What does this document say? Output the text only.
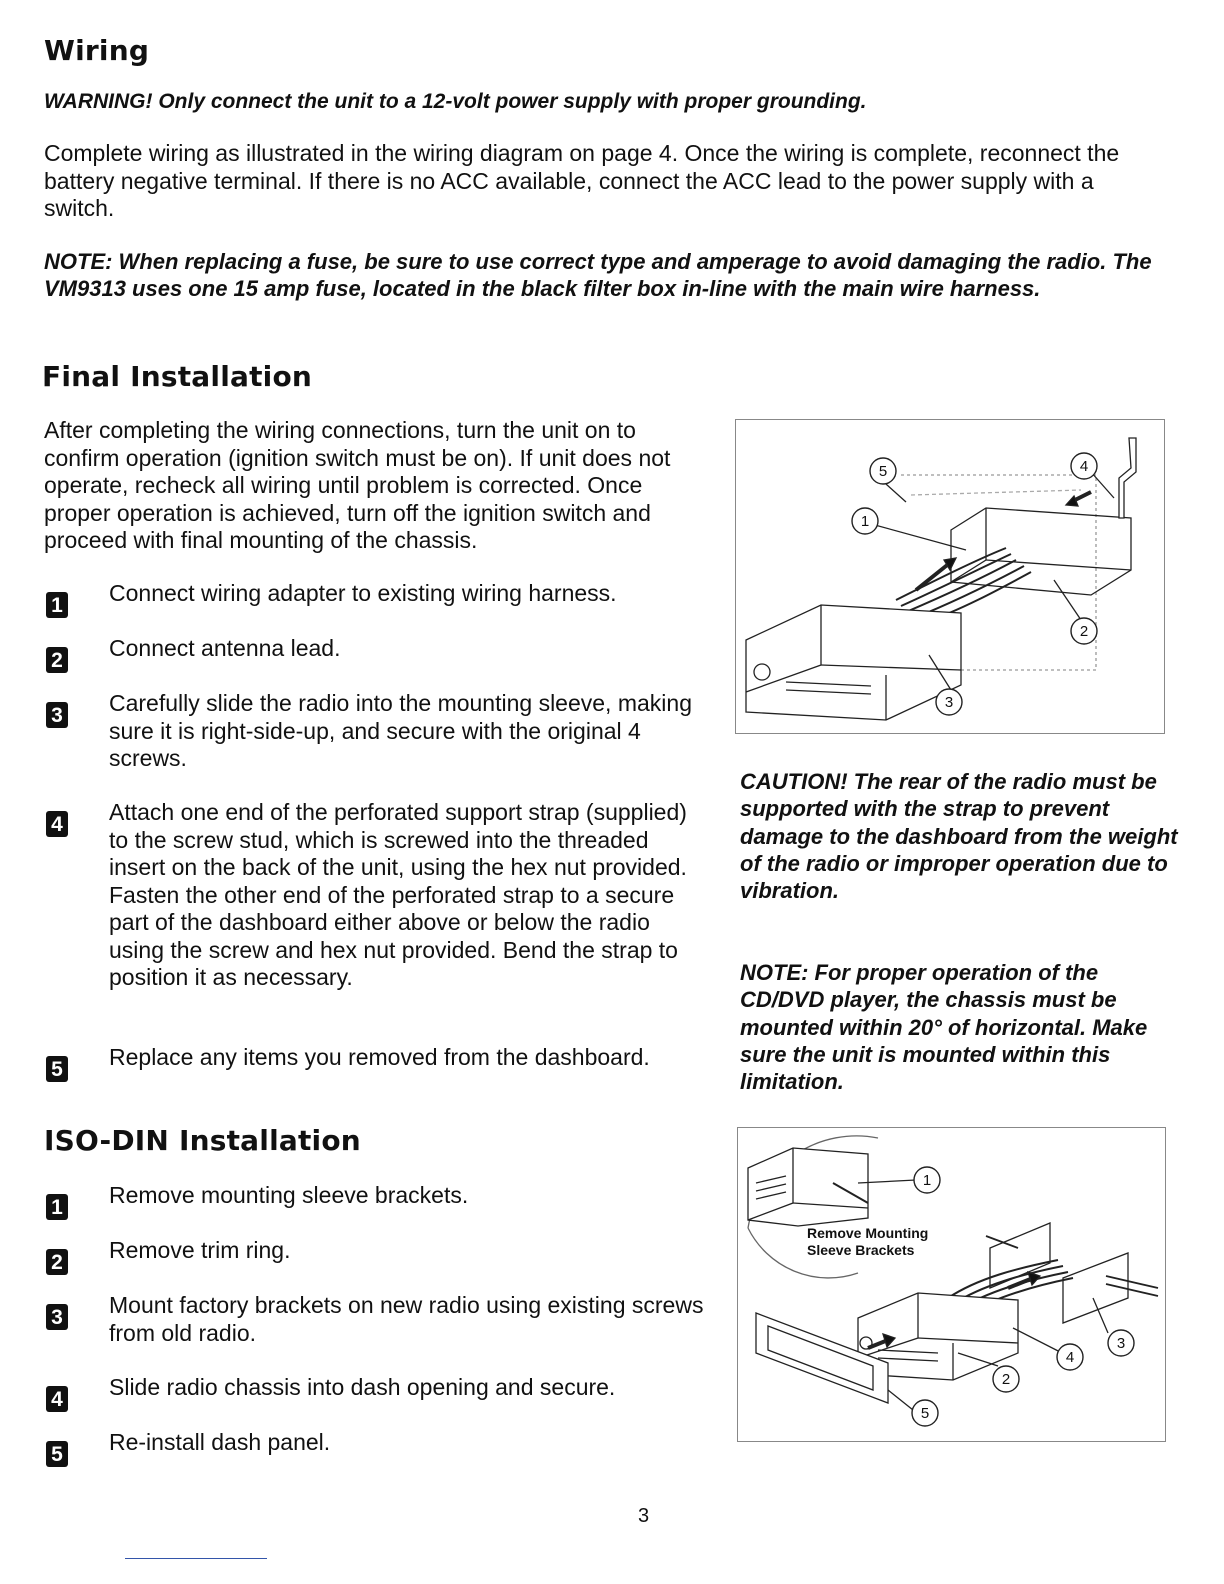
Wiring
WARNING! Only connect the unit to a 12-volt power supply with proper grounding.
Complete wiring as illustrated in the wiring diagram on page 4. Once the wiring is complete, reconnect the battery negative terminal. If there is no ACC available, connect the ACC lead to the power supply with a switch.
NOTE: When replacing a fuse, be sure to use correct type and amperage to avoid damaging the radio. The VM9313 uses one 15 amp fuse, located in the black filter box in-line with the main wire harness.
Final Installation
After completing the wiring connections, turn the unit on to confirm operation (ignition switch must be on). If unit does not operate, recheck all wiring until problem is corrected. Once proper operation is achieved, turn off the ignition switch and proceed with final mounting of the chassis.
1 Connect wiring adapter to existing wiring harness.
2 Connect antenna lead.
3 Carefully slide the radio into the mounting sleeve, making sure it is right-side-up, and secure with the original 4 screws.
4 Attach one end of the perforated support strap (supplied) to the screw stud, which is screwed into the threaded insert on the back of the unit, using the hex nut provided. Fasten the other end of the perforated strap to a secure part of the dashboard either above or below the radio using the screw and hex nut provided. Bend the strap to position it as necessary.
5 Replace any items you removed from the dashboard.
5
1
4
2
3
CAUTION! The rear of the radio must be supported with the strap to prevent damage to the dashboard from the weight of the radio or improper operation due to vibration.
NOTE: For proper operation of the CD/DVD player, the chassis must be mounted within 20° of horizontal. Make sure the unit is mounted within this limitation.
ISO-DIN Installation
1 Remove mounting sleeve brackets.
2 Remove trim ring.
3 Mount factory brackets on new radio using existing screws from old radio.
4 Slide radio chassis into dash opening and secure.
5 Re-install dash panel.
1
2
3
4
5
Remove Mounting
Sleeve Brackets
3
